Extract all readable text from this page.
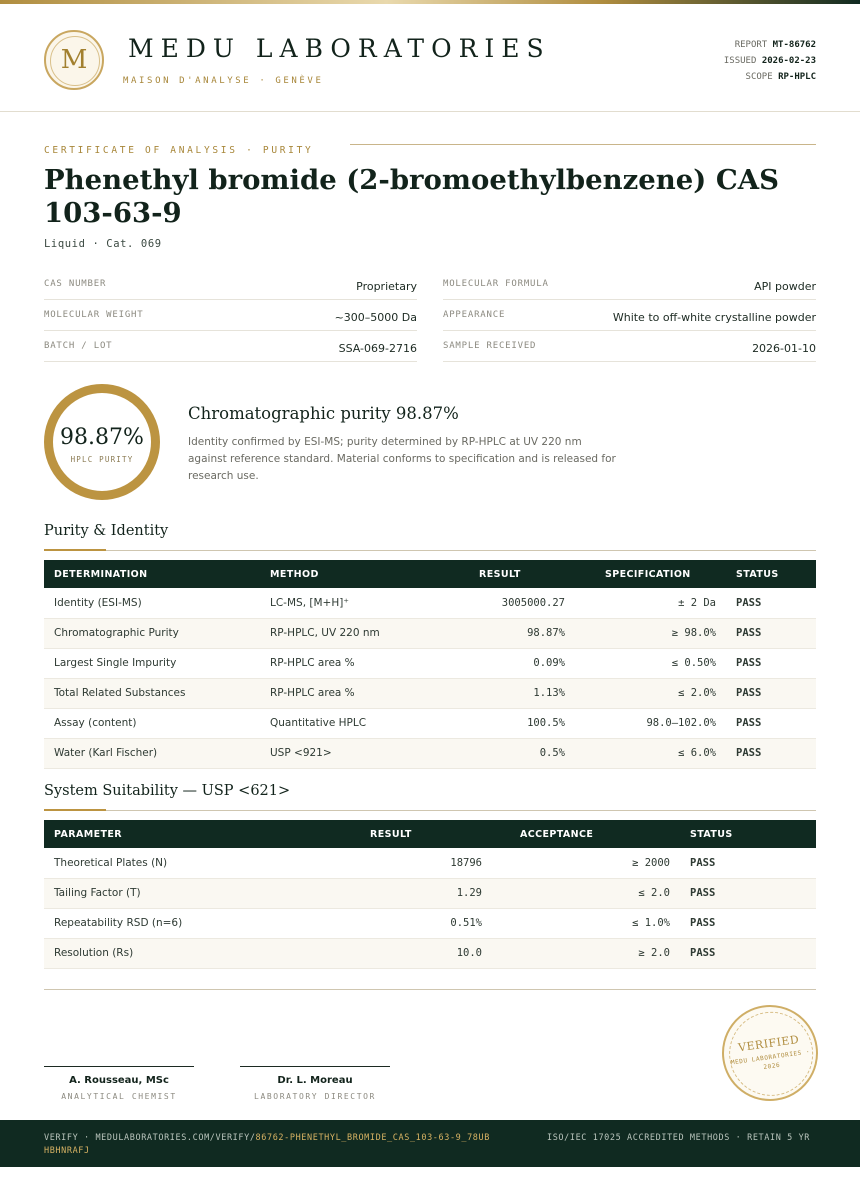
M	MEDU LABORATORIES
MAISON D'ANALYSE · GENÈVE
REPORT MT-86762
ISSUED 2026-02-23
SCOPE RP-HPLC
CERTIFICATE OF ANALYSIS · PURITY
Phenethyl bromide (2-bromoethylbenzene) CAS 103-63-9
Liquid · Cat. 069
CAS NUMBER	Proprietary
MOLECULAR WEIGHT	~300–5000 Da
BATCH / LOT	SSA-069-2716
MOLECULAR FORMULA	API powder
APPEARANCE	White to off-white crystalline powder
SAMPLE RECEIVED	2026-01-10
98.87%
HPLC PURITY
Chromatographic purity 98.87%

Identity confirmed by ESI-MS; purity determined by RP-HPLC at UV 220 nm against reference standard. Material conforms to specification and is released for research use.

Purity & Identity
DETERMINATION	METHOD	RESULT	SPECIFICATION	STATUS
Identity (ESI-MS)	LC-MS, [M+H]⁺	3005000.27	± 2 Da	PASS
Chromatographic Purity	RP-HPLC, UV 220 nm	98.87%	≥ 98.0%	PASS
Largest Single Impurity	RP-HPLC area %	0.09%	≤ 0.50%	PASS
Total Related Substances	RP-HPLC area %	1.13%	≤ 2.0%	PASS
Assay (content)	Quantitative HPLC	100.5%	98.0–102.0%	PASS
Water (Karl Fischer)	USP <921>	0.5%	≤ 6.0%	PASS
System Suitability — USP <621>
PARAMETER	RESULT	ACCEPTANCE	STATUS
Theoretical Plates (N)	18796	≥ 2000	PASS
Tailing Factor (T)	1.29	≤ 2.0	PASS
Repeatability RSD (n=6)	0.51%	≤ 1.0%	PASS
Resolution (Rs)	10.0	≥ 2.0	PASS
A. Rousseau, MSc
ANALYTICAL CHEMIST
Dr. L. Moreau
LABORATORY DIRECTOR
VERIFIED
MEDU LABORATORIES · 2026
VERIFY · MEDULABORATORIES.COM/VERIFY/86762-PHENETHYL_BROMIDE_CAS_103-63-9_78UBHBHNRAFJ
ISO/IEC 17025 ACCREDITED METHODS · RETAIN 5 YR
